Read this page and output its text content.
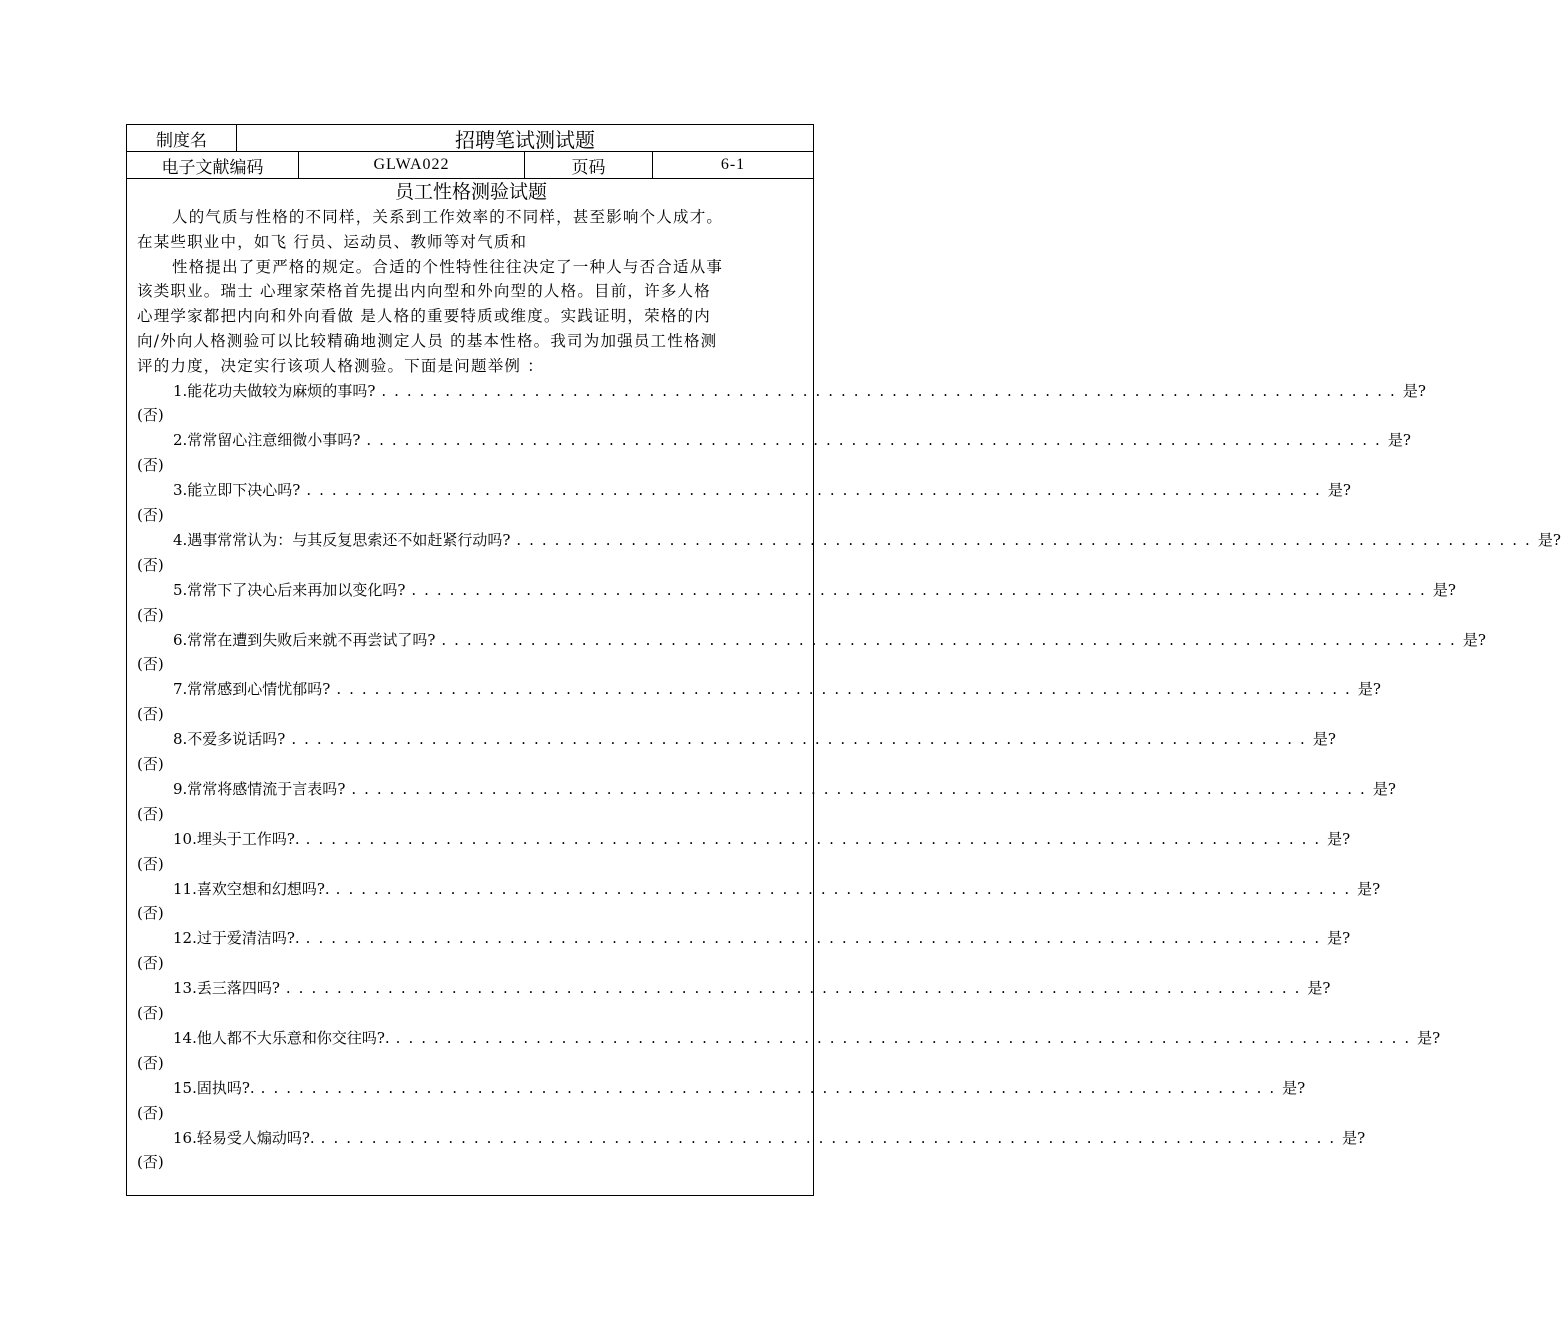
制度名	招聘笔试测试题
电子文献编码	GLWA022	页码	6-1
员工性格测验试题

人的气质与性格的不同样，关系到工作效率的不同样，甚至影响个人成才。

在某些职业中，如飞 行员、运动员、教师等对气质和

性格提出了更严格的规定。合适的个性特性往往决定了一种人与否合适从事

该类职业。瑞士 心理家荣格首先提出内向型和外向型的人格。目前，许多人格

心理学家都把内向和外向看做 是人格的重要特质或维度。实践证明，荣格的内

向/外向人格测验可以比较精确地测定人员 的基本性格。我司为加强员工性格测

评的力度，决定实行该项人格测验。下面是问题举例 ：

1.能花功夫做较为麻烦的事吗? ................................................................................ 是?
(否)
2.常常留心注意细微小事吗? ................................................................................ 是?
(否)
3.能立即下决心吗? ................................................................................ 是?
(否)
4.遇事常常认为：与其反复思索还不如赶紧行动吗? ................................................................................ 是?
(否)
5.常常下了决心后来再加以变化吗? ................................................................................ 是?
(否)
6.常常在遭到失败后来就不再尝试了吗? ................................................................................ 是?
(否)
7.常常感到心情忧郁吗? ................................................................................ 是?
(否)
8.不爱多说话吗? ................................................................................ 是?
(否)
9.常常将感情流于言表吗? ................................................................................ 是?
(否)
10.埋头于工作吗?. ................................................................................ 是?
(否)
11.喜欢空想和幻想吗?. ................................................................................ 是?
(否)
12.过于爱清洁吗?. ................................................................................ 是?
(否)
13.丢三落四吗? ................................................................................ 是?
(否)
14.他人都不大乐意和你交往吗?. ................................................................................ 是?
(否)
15.固执吗?. ................................................................................ 是?
(否)
16.轻易受人煽动吗?. ................................................................................ 是?
(否)
